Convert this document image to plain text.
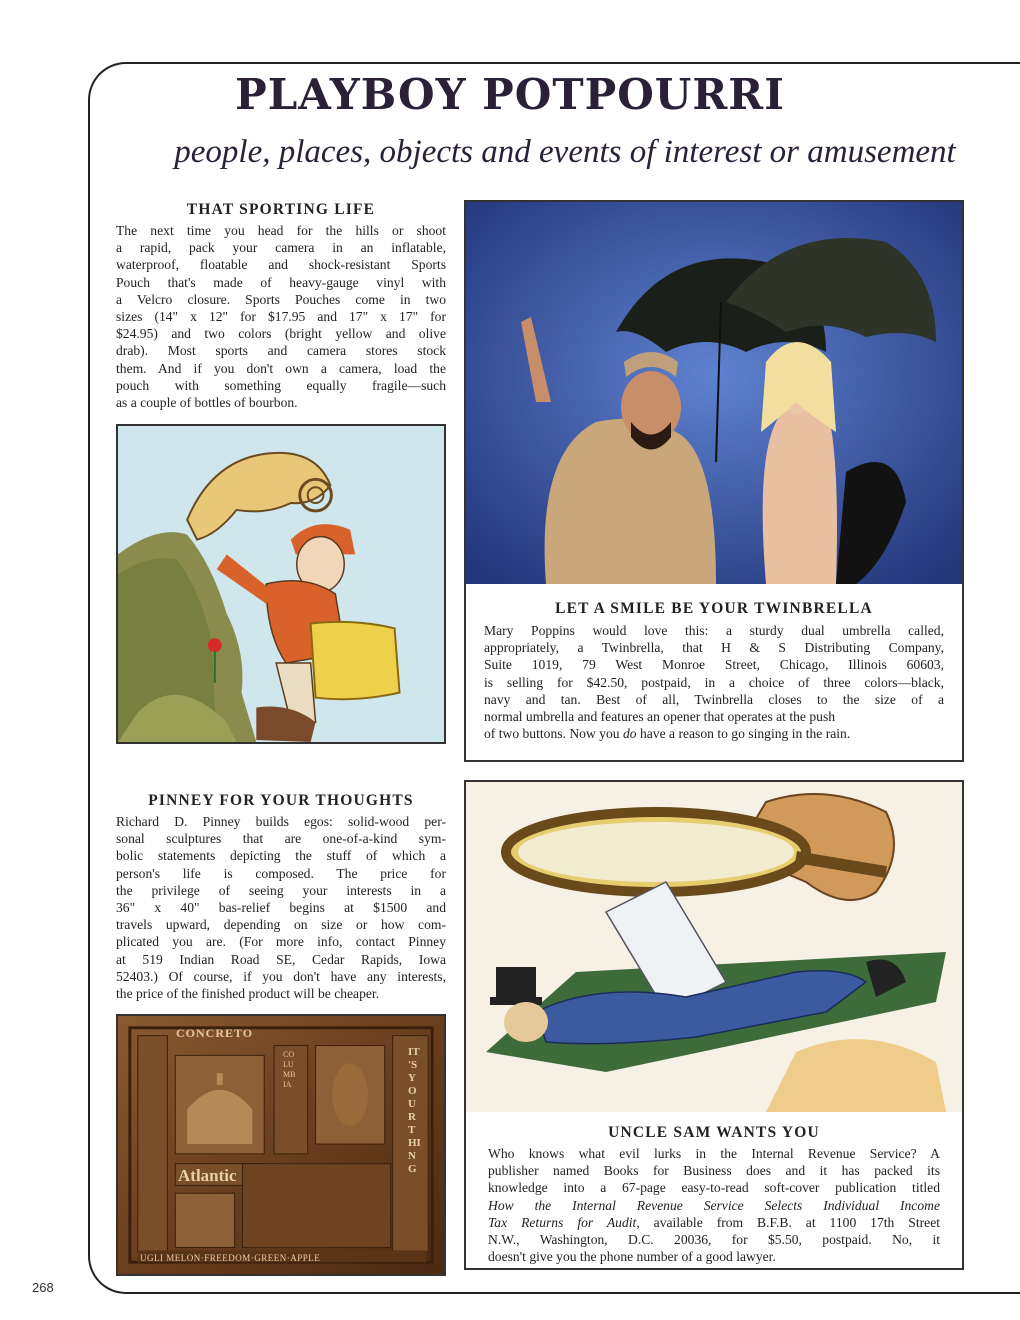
PLAYBOY POTPOURRI
people, places, objects and events of interest or amusement
THAT SPORTING LIFE
The next time you head for the hills or shoot
a rapid, pack your camera in an inflatable,
waterproof, floatable and shock-resistant Sports
Pouch that's made of heavy-gauge vinyl with
a Velcro closure. Sports Pouches come in two
sizes (14" x 12" for $17.95 and 17" x 17" for
$24.95) and two colors (bright yellow and olive
drab). Most sports and camera stores stock
them. And if you don't own a camera, load the
pouch with something equally fragile—such
as a couple of bottles of bourbon.
LET A SMILE BE YOUR TWINBRELLA
Mary Poppins would love this: a sturdy dual umbrella called,
appropriately, a Twinbrella, that H & S Distributing Company,
Suite 1019, 79 West Monroe Street, Chicago, Illinois 60603,
is selling for $42.50, postpaid, in a choice of three colors—black,
navy and tan. Best of all, Twinbrella closes to the size of a
normal umbrella and features an opener that operates at the push
of two buttons. Now you do have a reason to go singing in the rain.
PINNEY FOR YOUR THOUGHTS
Richard D. Pinney builds egos: solid-wood per-
sonal sculptures that are one-of-a-kind sym-
bolic statements depicting the stuff of which a
person's life is composed. The price for
the privilege of seeing your interests in a
36" x 40" bas-relief begins at $1500 and
travels upward, depending on size or how com-
plicated you are. (For more info, contact Pinney
at 519 Indian Road SE, Cedar Rapids, Iowa
52403.) Of course, if you don't have any interests,
the price of the finished product will be cheaper.
CONCRETO
Atlantic
IT'S YOUR THING
COLUMBIA
UGLI MELON·FREEDOM·GREEN·APPLE
UNCLE SAM WANTS YOU
Who knows what evil lurks in the Internal Revenue Service? A
publisher named Books for Business does and it has packed its
knowledge into a 67-page easy-to-read soft-cover publication titled
How the Internal Revenue Service Selects Individual Income
Tax Returns for Audit, available from B.F.B. at 1100 17th Street
N.W., Washington, D.C. 20036, for $5.50, postpaid. No, it
doesn't give you the phone number of a good lawyer.
268
